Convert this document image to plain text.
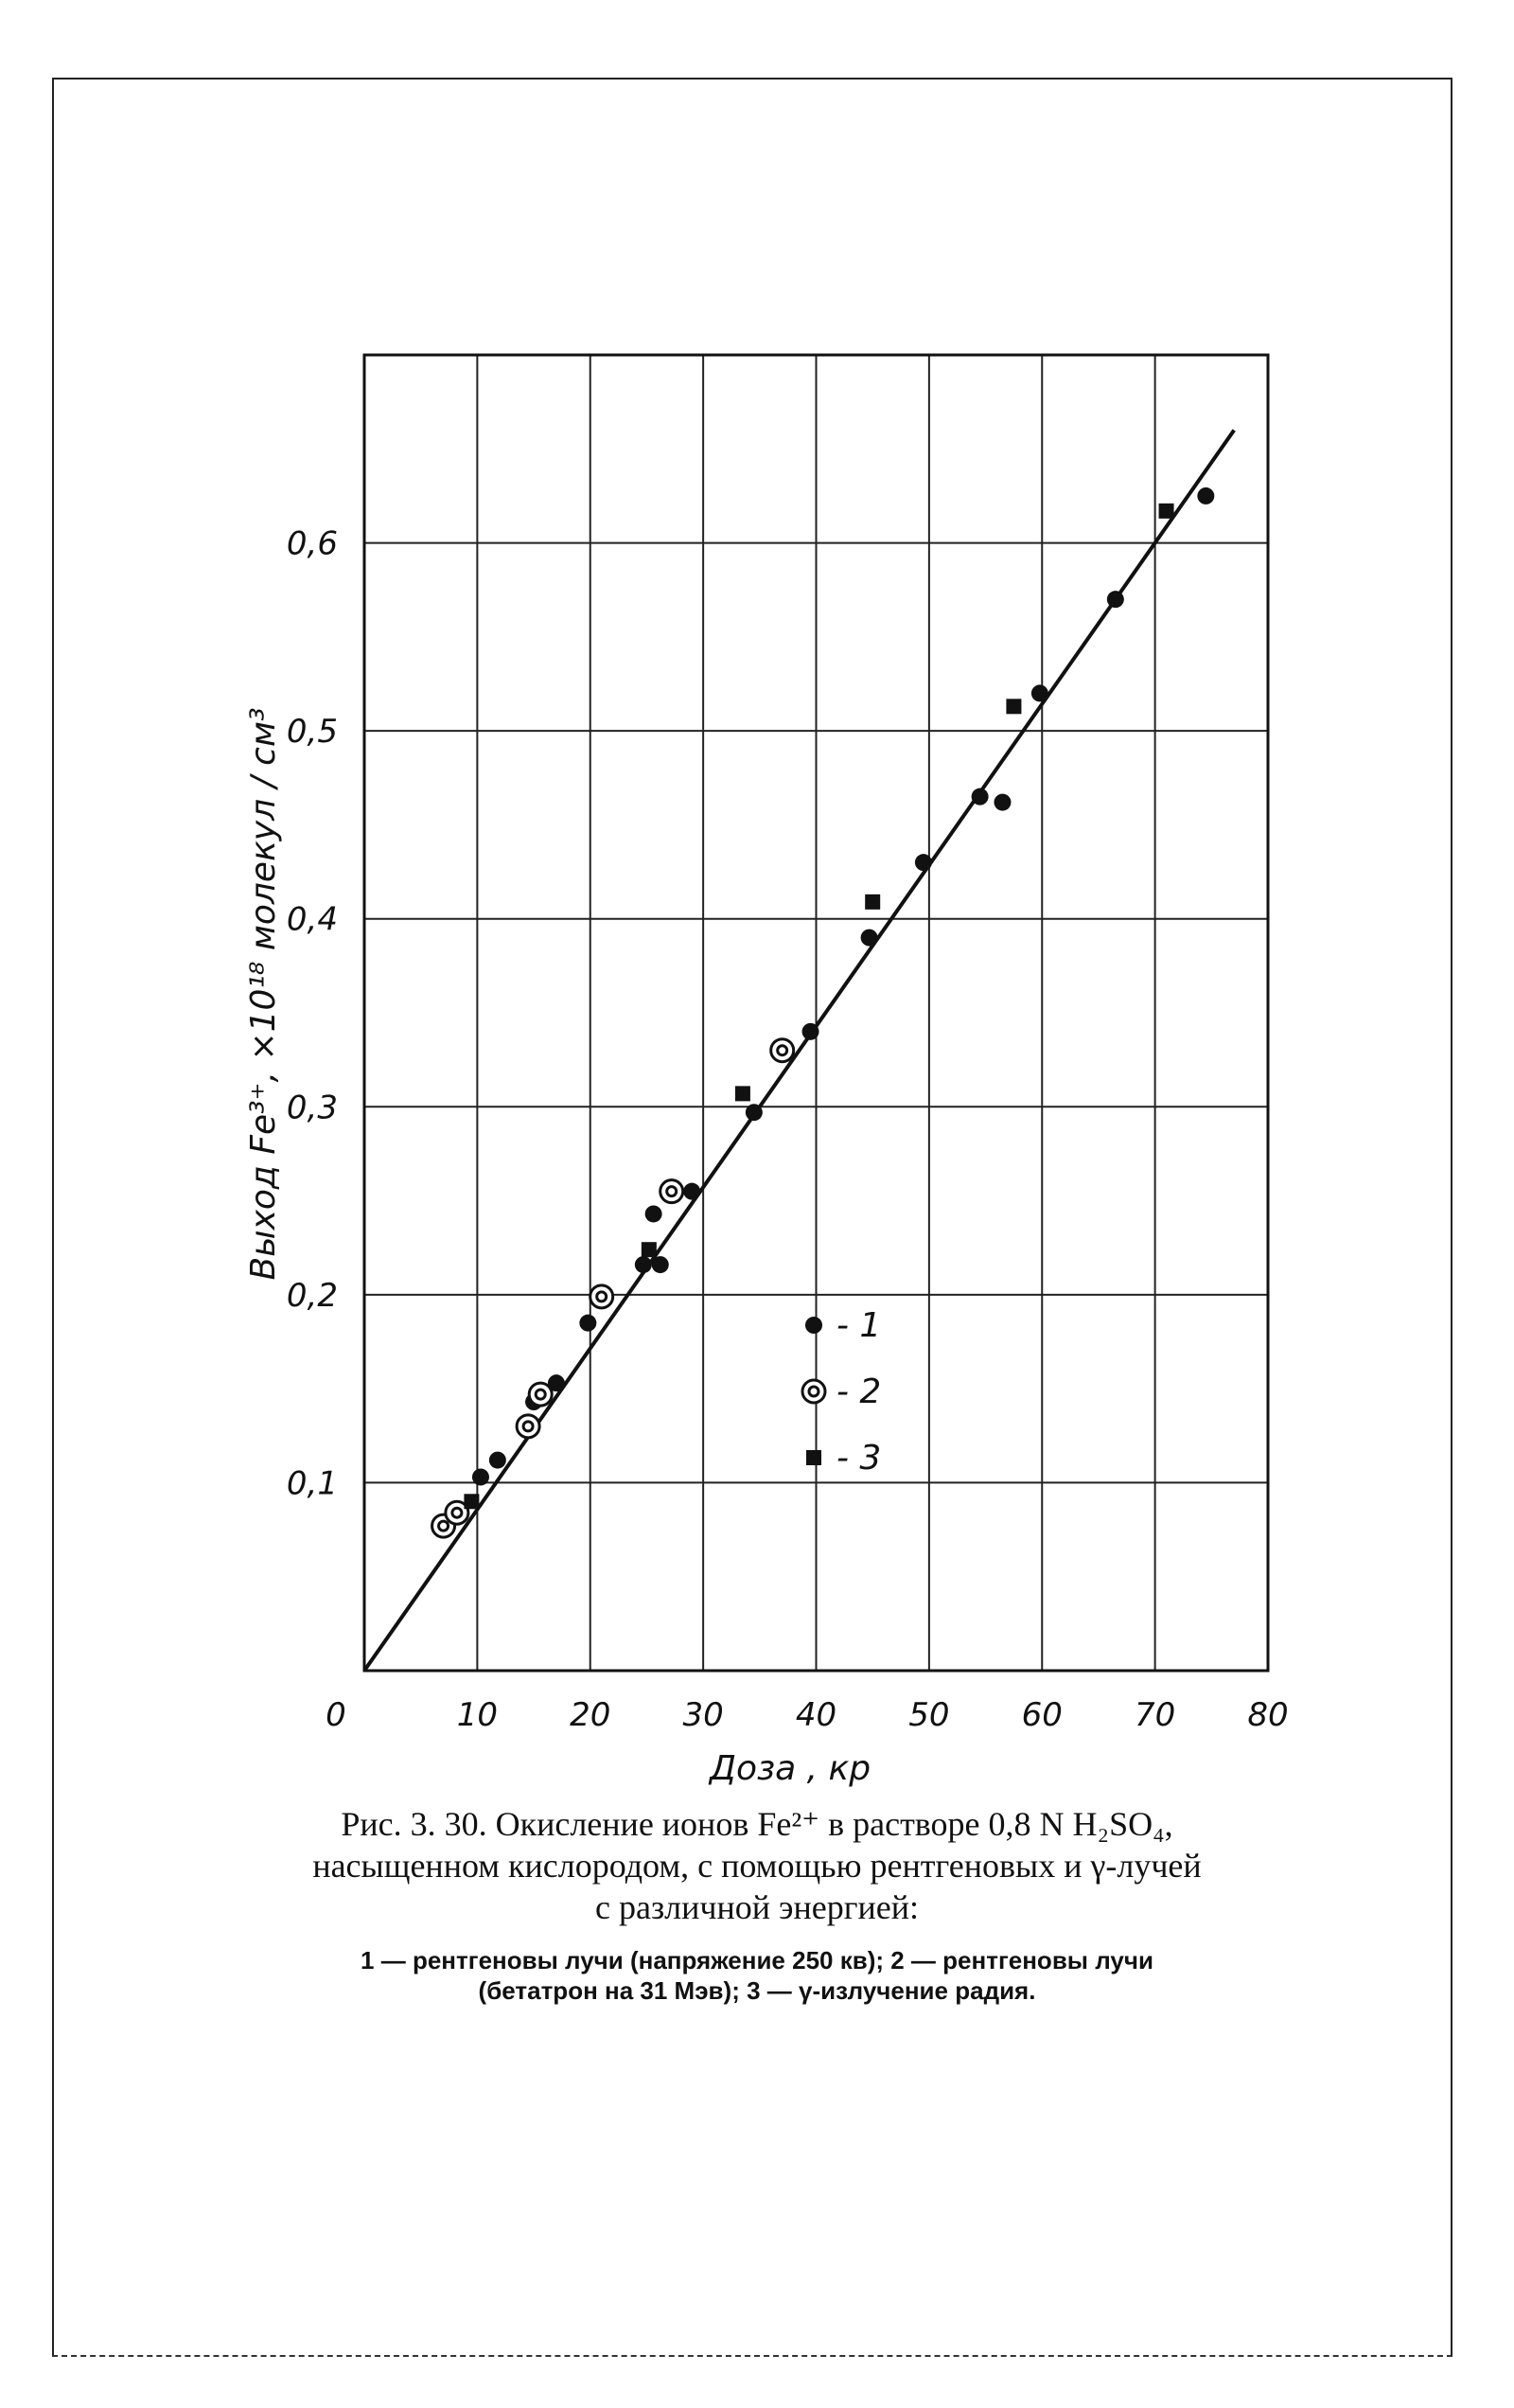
0	10 20 30 40 50 60 70 80
0,1
0,2
0,3
0,4
0,5
0,6
Доза , кр
Выход Fe³⁺, ×10¹⁸ молекул / см³
- 1
- 2
- 3
Рис. 3. 30. Окисление ионов Fe²⁺ в растворе 0,8 N H₂SO₄,
насыщенном кислородом, с помощью рентгеновых и γ-лучей
с различной энергией:
1 — рентгеновы лучи (напряжение 250 кв); 2 — рентгеновы лучи
(бетатрон на 31 Мэв); 3 — γ-излучение радия.
